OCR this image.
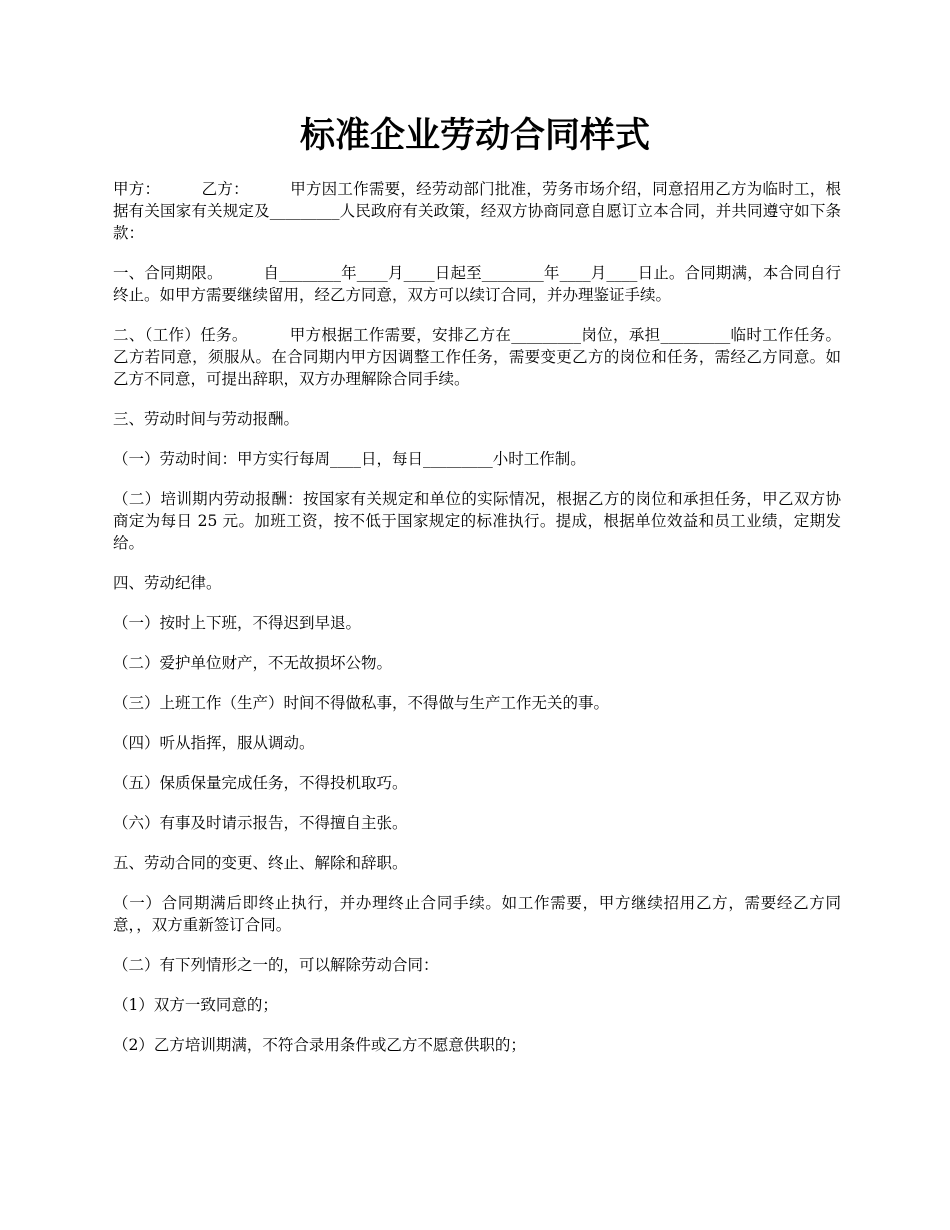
标准企业劳动合同样式

甲方：        乙方：        甲方因工作需要，经劳动部门批准，劳务市场介绍，同意招用乙方为临时工，根据有关国家有关规定及_________人民政府有关政策，经双方协商同意自愿订立本合同，并共同遵守如下条款：

一、合同期限。        自________年____月____日起至________年____月____日止。合同期满，本合同自行终止。如甲方需要继续留用，经乙方同意，双方可以续订合同，并办理鉴证手续。

二、（工作）任务。        甲方根据工作需要，安排乙方在_________岗位，承担_________临时工作任务。乙方若同意，须服从。在合同期内甲方因调整工作任务，需要变更乙方的岗位和任务，需经乙方同意。如乙方不同意，可提出辞职，双方办理解除合同手续。

三、劳动时间与劳动报酬。

（一）劳动时间：甲方实行每周____日，每日_________小时工作制。

（二）培训期内劳动报酬：按国家有关规定和单位的实际情况，根据乙方的岗位和承担任务，甲乙双方协商定为每日 25 元。加班工资，按不低于国家规定的标准执行。提成，根据单位效益和员工业绩，定期发给。

四、劳动纪律。

（一）按时上下班，不得迟到早退。

（二）爱护单位财产，不无故损坏公物。

（三）上班工作（生产）时间不得做私事，不得做与生产工作无关的事。

（四）听从指挥，服从调动。

（五）保质保量完成任务，不得投机取巧。

（六）有事及时请示报告，不得擅自主张。

五、劳动合同的变更、终止、解除和辞职。

（一）合同期满后即终止执行，并办理终止合同手续。如工作需要，甲方继续招用乙方，需要经乙方同意，，双方重新签订合同。

（二）有下列情形之一的，可以解除劳动合同：

（1）双方一致同意的；

（2）乙方培训期满，不符合录用条件或乙方不愿意供职的；
